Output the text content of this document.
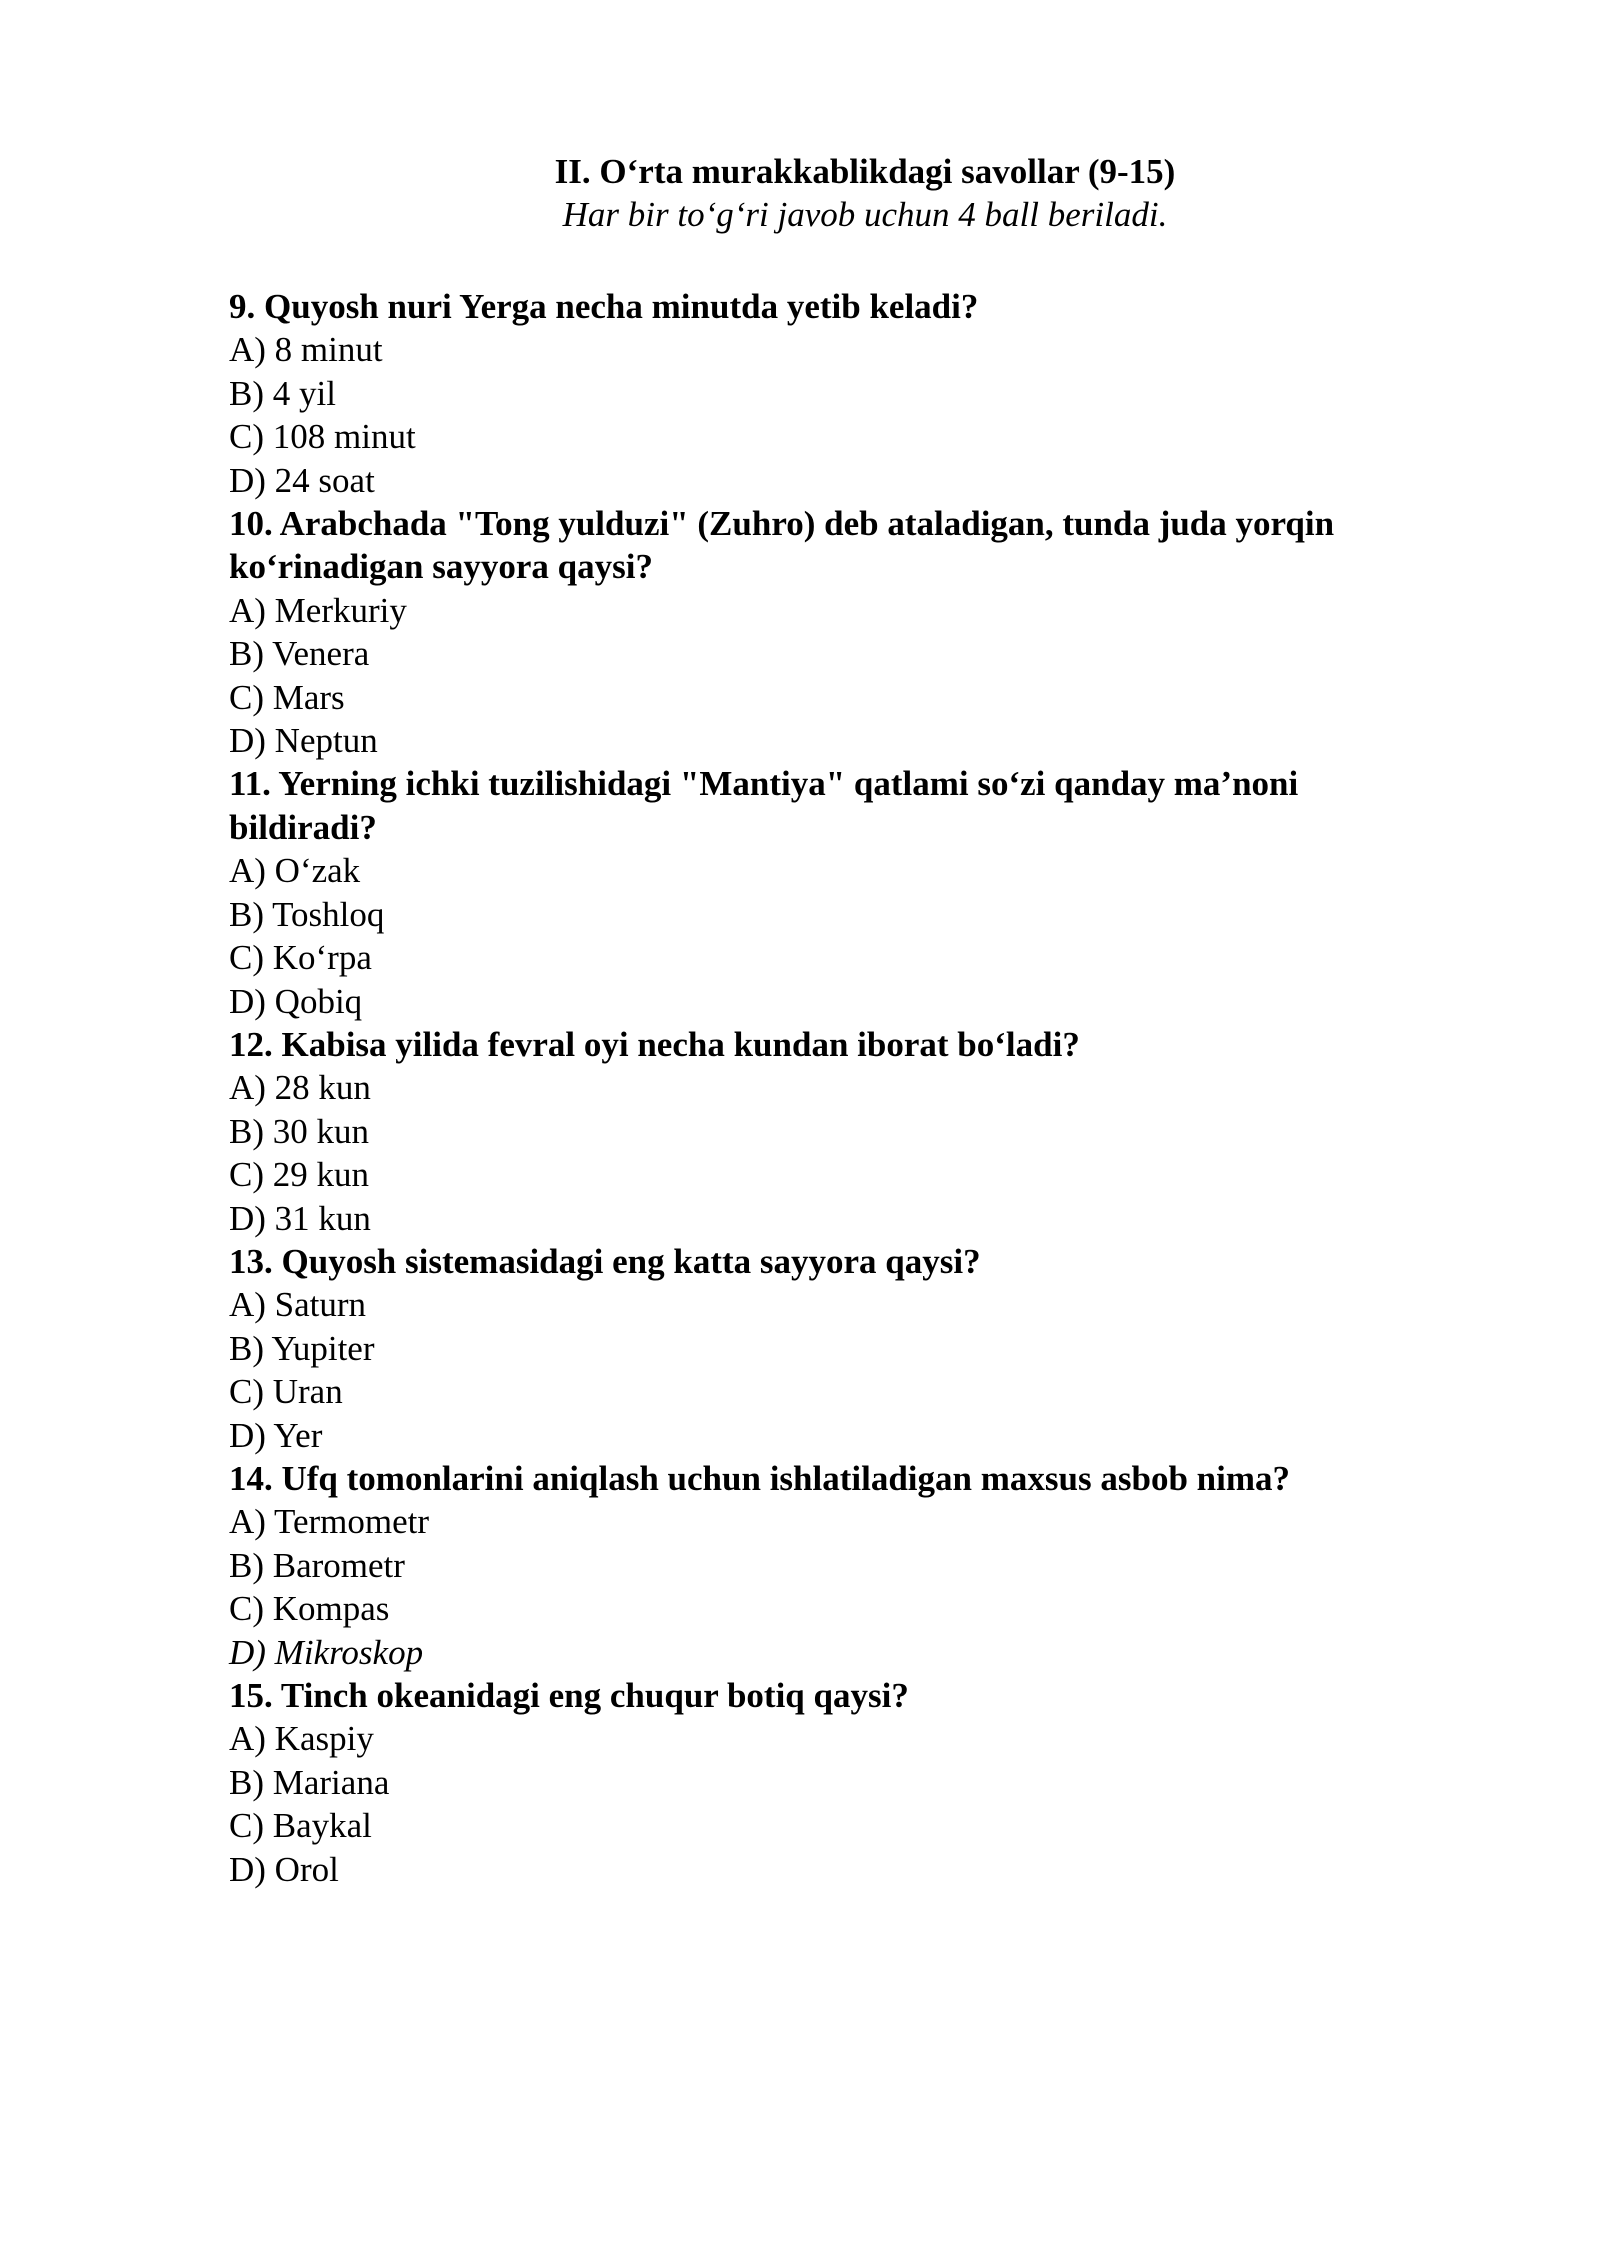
II. O‘rta murakkablikdagi savollar (9-15)
Har bir to‘g‘ri javob uchun 4 ball beriladi.
9. Quyosh nuri Yerga necha minutda yetib keladi?
A) 8 minut
B) 4 yil
C) 108 minut
D) 24 soat
10. Arabchada "Tong yulduzi" (Zuhro) deb ataladigan, tunda juda yorqin
ko‘rinadigan sayyora qaysi?
A) Merkuriy
B) Venera
C) Mars
D) Neptun
11. Yerning ichki tuzilishidagi "Mantiya" qatlami so‘zi qanday ma’noni
bildiradi?
A) O‘zak
B) Toshloq
C) Ko‘rpa
D) Qobiq
12. Kabisa yilida fevral oyi necha kundan iborat bo‘ladi?
A) 28 kun
B) 30 kun
C) 29 kun
D) 31 kun
13. Quyosh sistemasidagi eng katta sayyora qaysi?
A) Saturn
B) Yupiter
C) Uran
D) Yer
14. Ufq tomonlarini aniqlash uchun ishlatiladigan maxsus asbob nima?
A) Termometr
B) Barometr
C) Kompas
D) Mikroskop
15. Tinch okeanidagi eng chuqur botiq qaysi?
A) Kaspiy
B) Mariana
C) Baykal
D) Orol
